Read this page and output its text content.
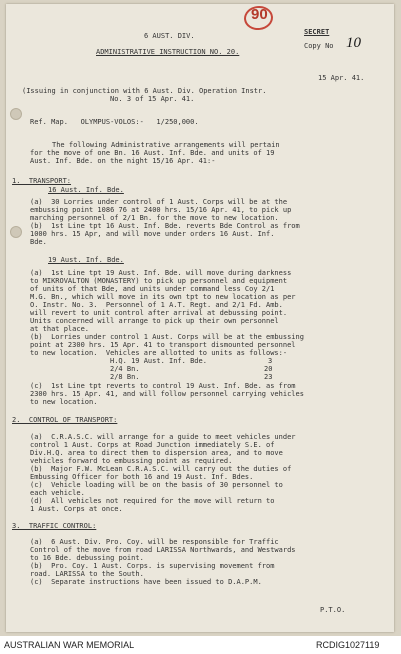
6 AUST. DIV.
ADMINISTRATIVE INSTRUCTION NO. 20.
90
SECRET
Copy No 10
15 Apr. 41.
(Issuing in conjunction with 6 Aust. Div. Operation Instr.
No. 3 of 15 Apr. 41.
Ref. Map.   OLYMPUS-VOLOS:-   1/250,000.
The following Administrative arrangements will pertain
for the move of one Bn. 16 Aust. Inf. Bde. and units of 19
Aust. Inf. Bde. on the night 15/16 Apr. 41:-
1.  TRANSPORT:
16 Aust. Inf. Bde.
(a)  30 Lorries under control of 1 Aust. Corps will be at the
embussing point 1086 76 at 2400 hrs. 15/16 Apr. 41, to pick up
marching personnel of 2/1 Bn. for the move to new location.
(b)  1st Line tpt 16 Aust. Inf. Bde. reverts Bde Control as from
1000 hrs. 15 Apr, and will move under orders 16 Aust. Inf.
Bde.
19 Aust. Inf. Bde.
(a)  1st Line tpt 19 Aust. Inf. Bde. will move during darkness
to MIKROVALTON (MONASTERY) to pick up personnel and equipment
of units of that Bde, and units under command less Coy 2/1
M.G. Bn., which will move in its own tpt to new location as per
O. Instr. No. 3.  Personnel of 1 A.T. Regt. and 2/1 Fd. Amb.
will revert to unit control after arrival at debussing point.
Units concerned will arrange to pick up their own personnel
at that place.
(b)  Lorries under control 1 Aust. Corps will be at the embussing
point at 2300 hrs. 15 Apr. 41 to transport dismounted personnel
to new location.  Vehicles are allotted to units as follows:-
H.Q. 19 Aust. Inf. Bde.	3
2/4 Bn.	20
2/8 Bn.	23
(c)  1st Line tpt reverts to control 19 Aust. Inf. Bde. as from
2300 hrs. 15 Apr. 41, and will follow personnel carrying vehicles
to new location.
2.  CONTROL OF TRANSPORT:
(a)  C.R.A.S.C. will arrange for a guide to meet vehicles under
control 1 Aust. Corps at Road Junction immediately S.E. of
Div.H.Q. area to direct them to dispersion area, and to move
vehicles forward to embussing point as required.
(b)  Major F.W. McLean C.R.A.S.C. will carry out the duties of
Embussing Officer for both 16 and 19 Aust. Inf. Bdes.
(c)  Vehicle loading will be on the basis of 30 personnel to
each vehicle.
(d)  All vehicles not required for the move will return to
1 Aust. Corps at once.
3.  TRAFFIC CONTROL:
(a)  6 Aust. Div. Pro. Coy. will be responsible for Traffic
Control of the move from road LARISSA Northwards, and Westwards
to 16 Bde. debussing point.
(b)  Pro. Coy. 1 Aust. Corps. is supervising movement from
road. LARISSA to the South.
(c)  Separate instructions have been issued to D.A.P.M.
P.T.O.
AUSTRALIAN WAR MEMORIAL	RCDIG1027119
